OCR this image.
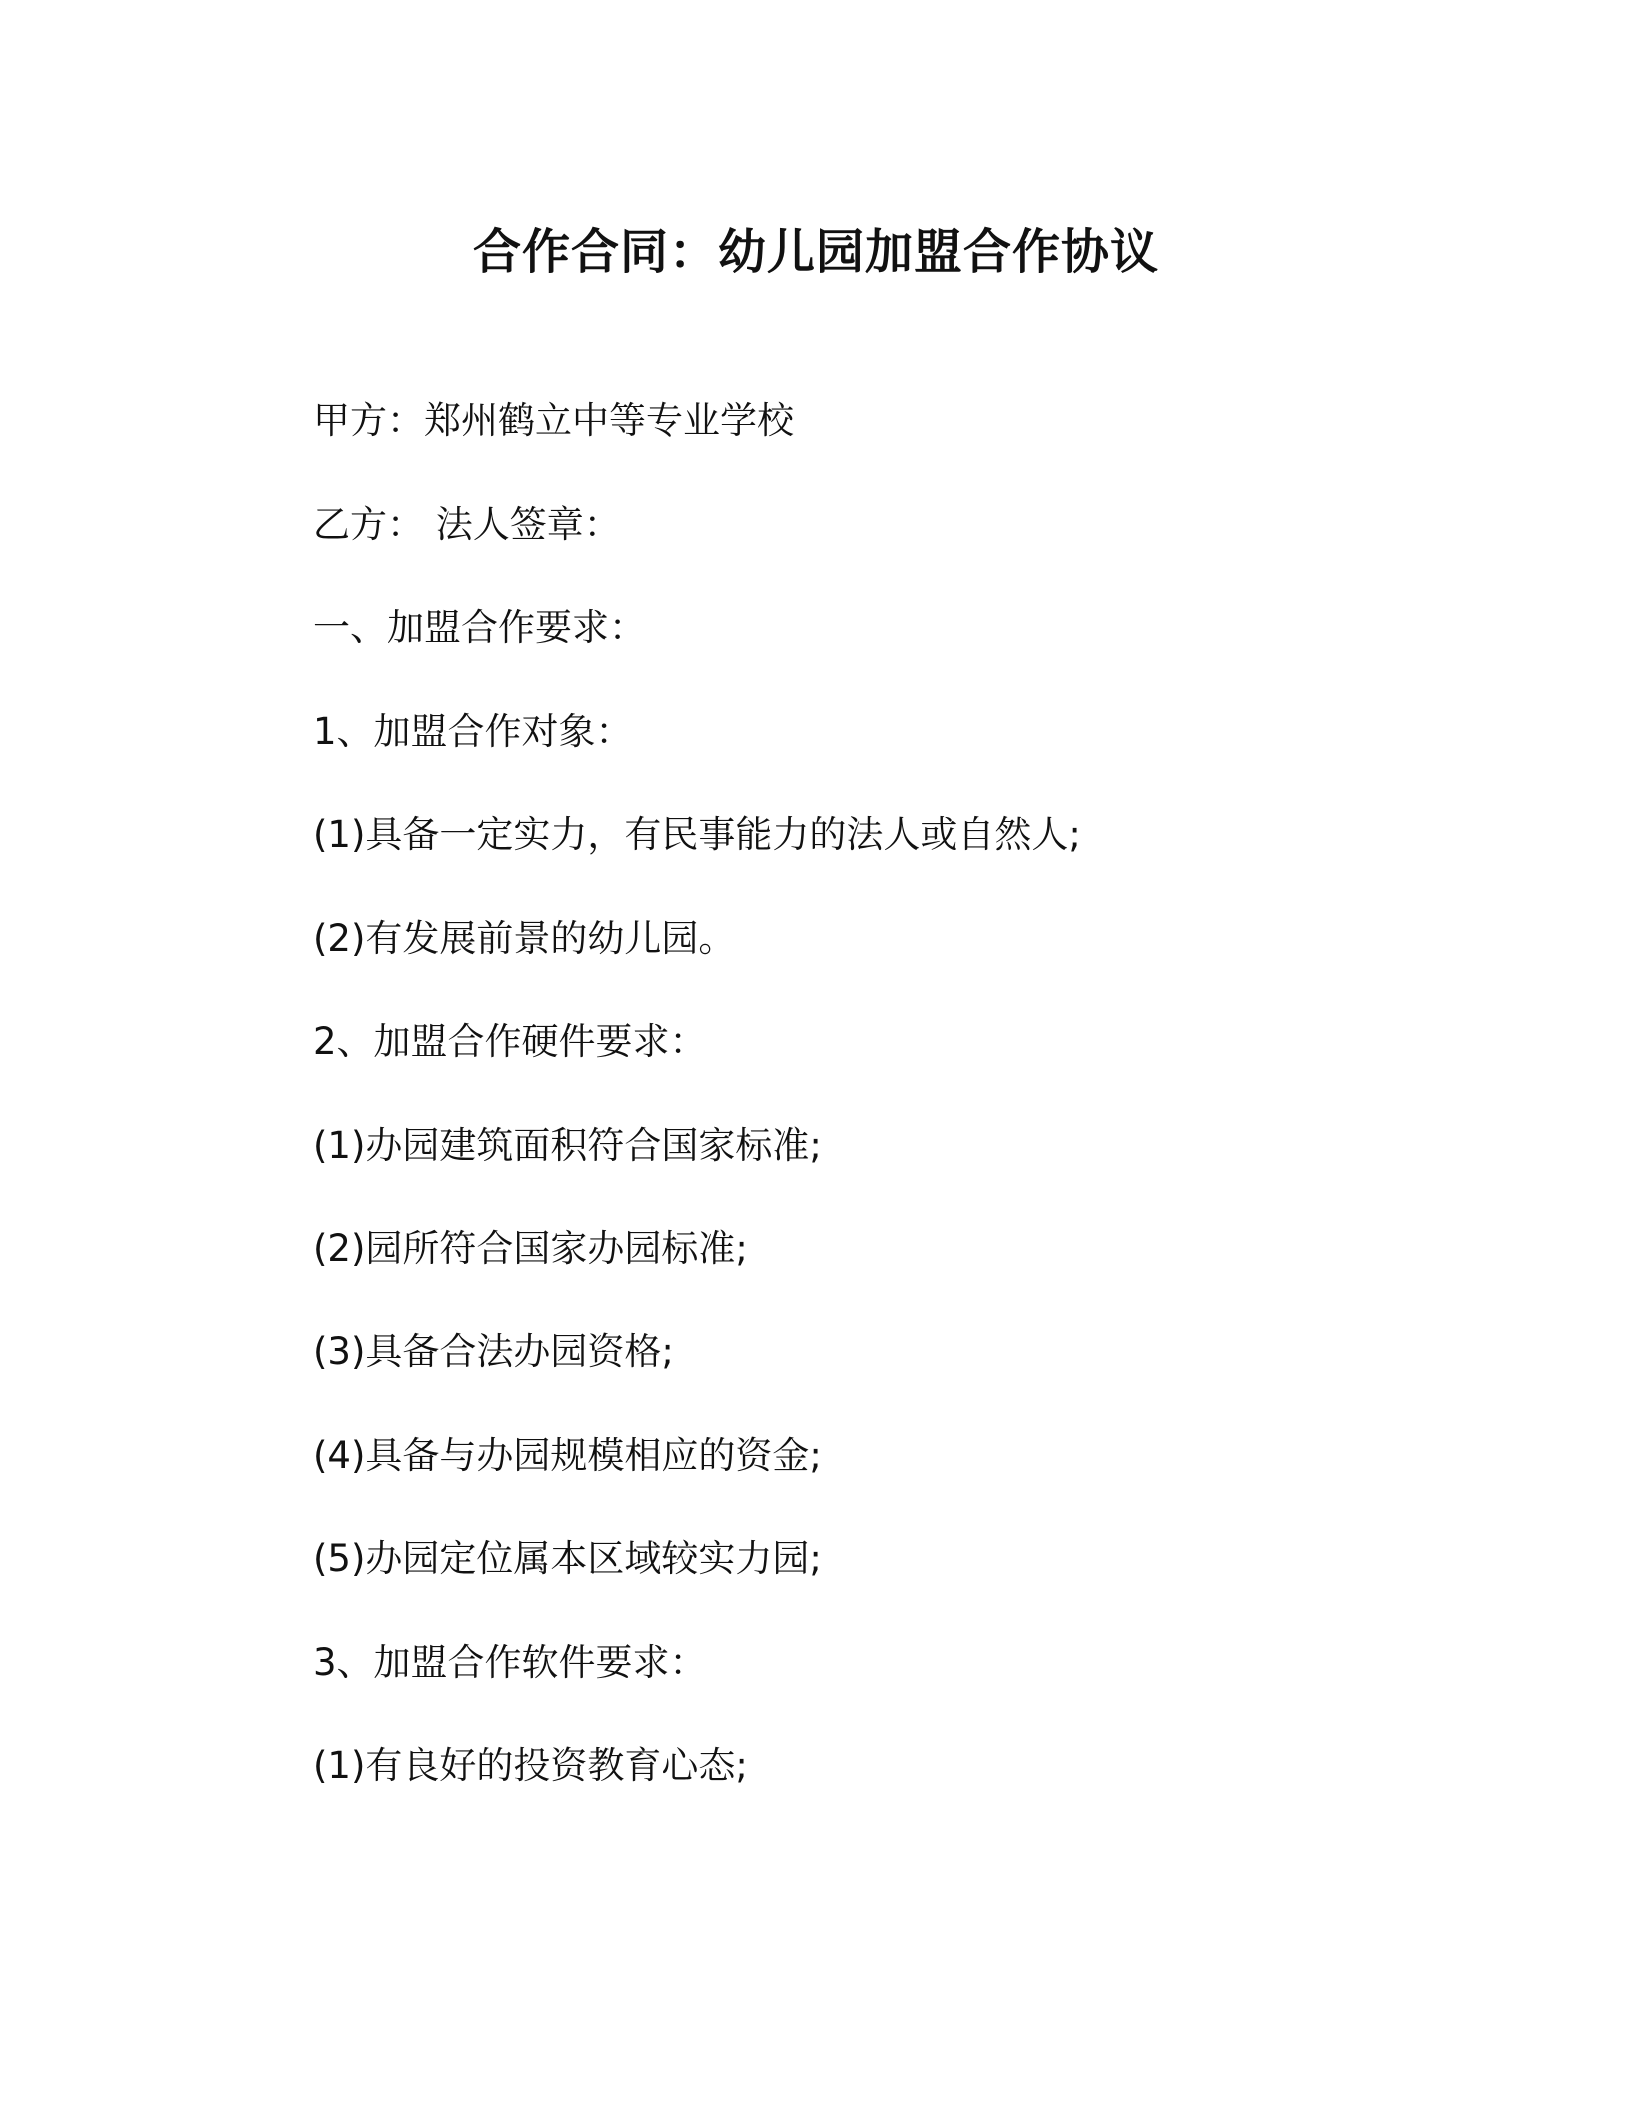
合作合同：幼儿园加盟合作协议
甲方：郑州鹤立中等专业学校
乙方： 法人签章：
一、加盟合作要求：
1、加盟合作对象：
(1)具备一定实力，有民事能力的法人或自然人;
(2)有发展前景的幼儿园。
2、加盟合作硬件要求：
(1)办园建筑面积符合国家标准;
(2)园所符合国家办园标准;
(3)具备合法办园资格;
(4)具备与办园规模相应的资金;
(5)办园定位属本区域较实力园;
3、加盟合作软件要求：
(1)有良好的投资教育心态;
